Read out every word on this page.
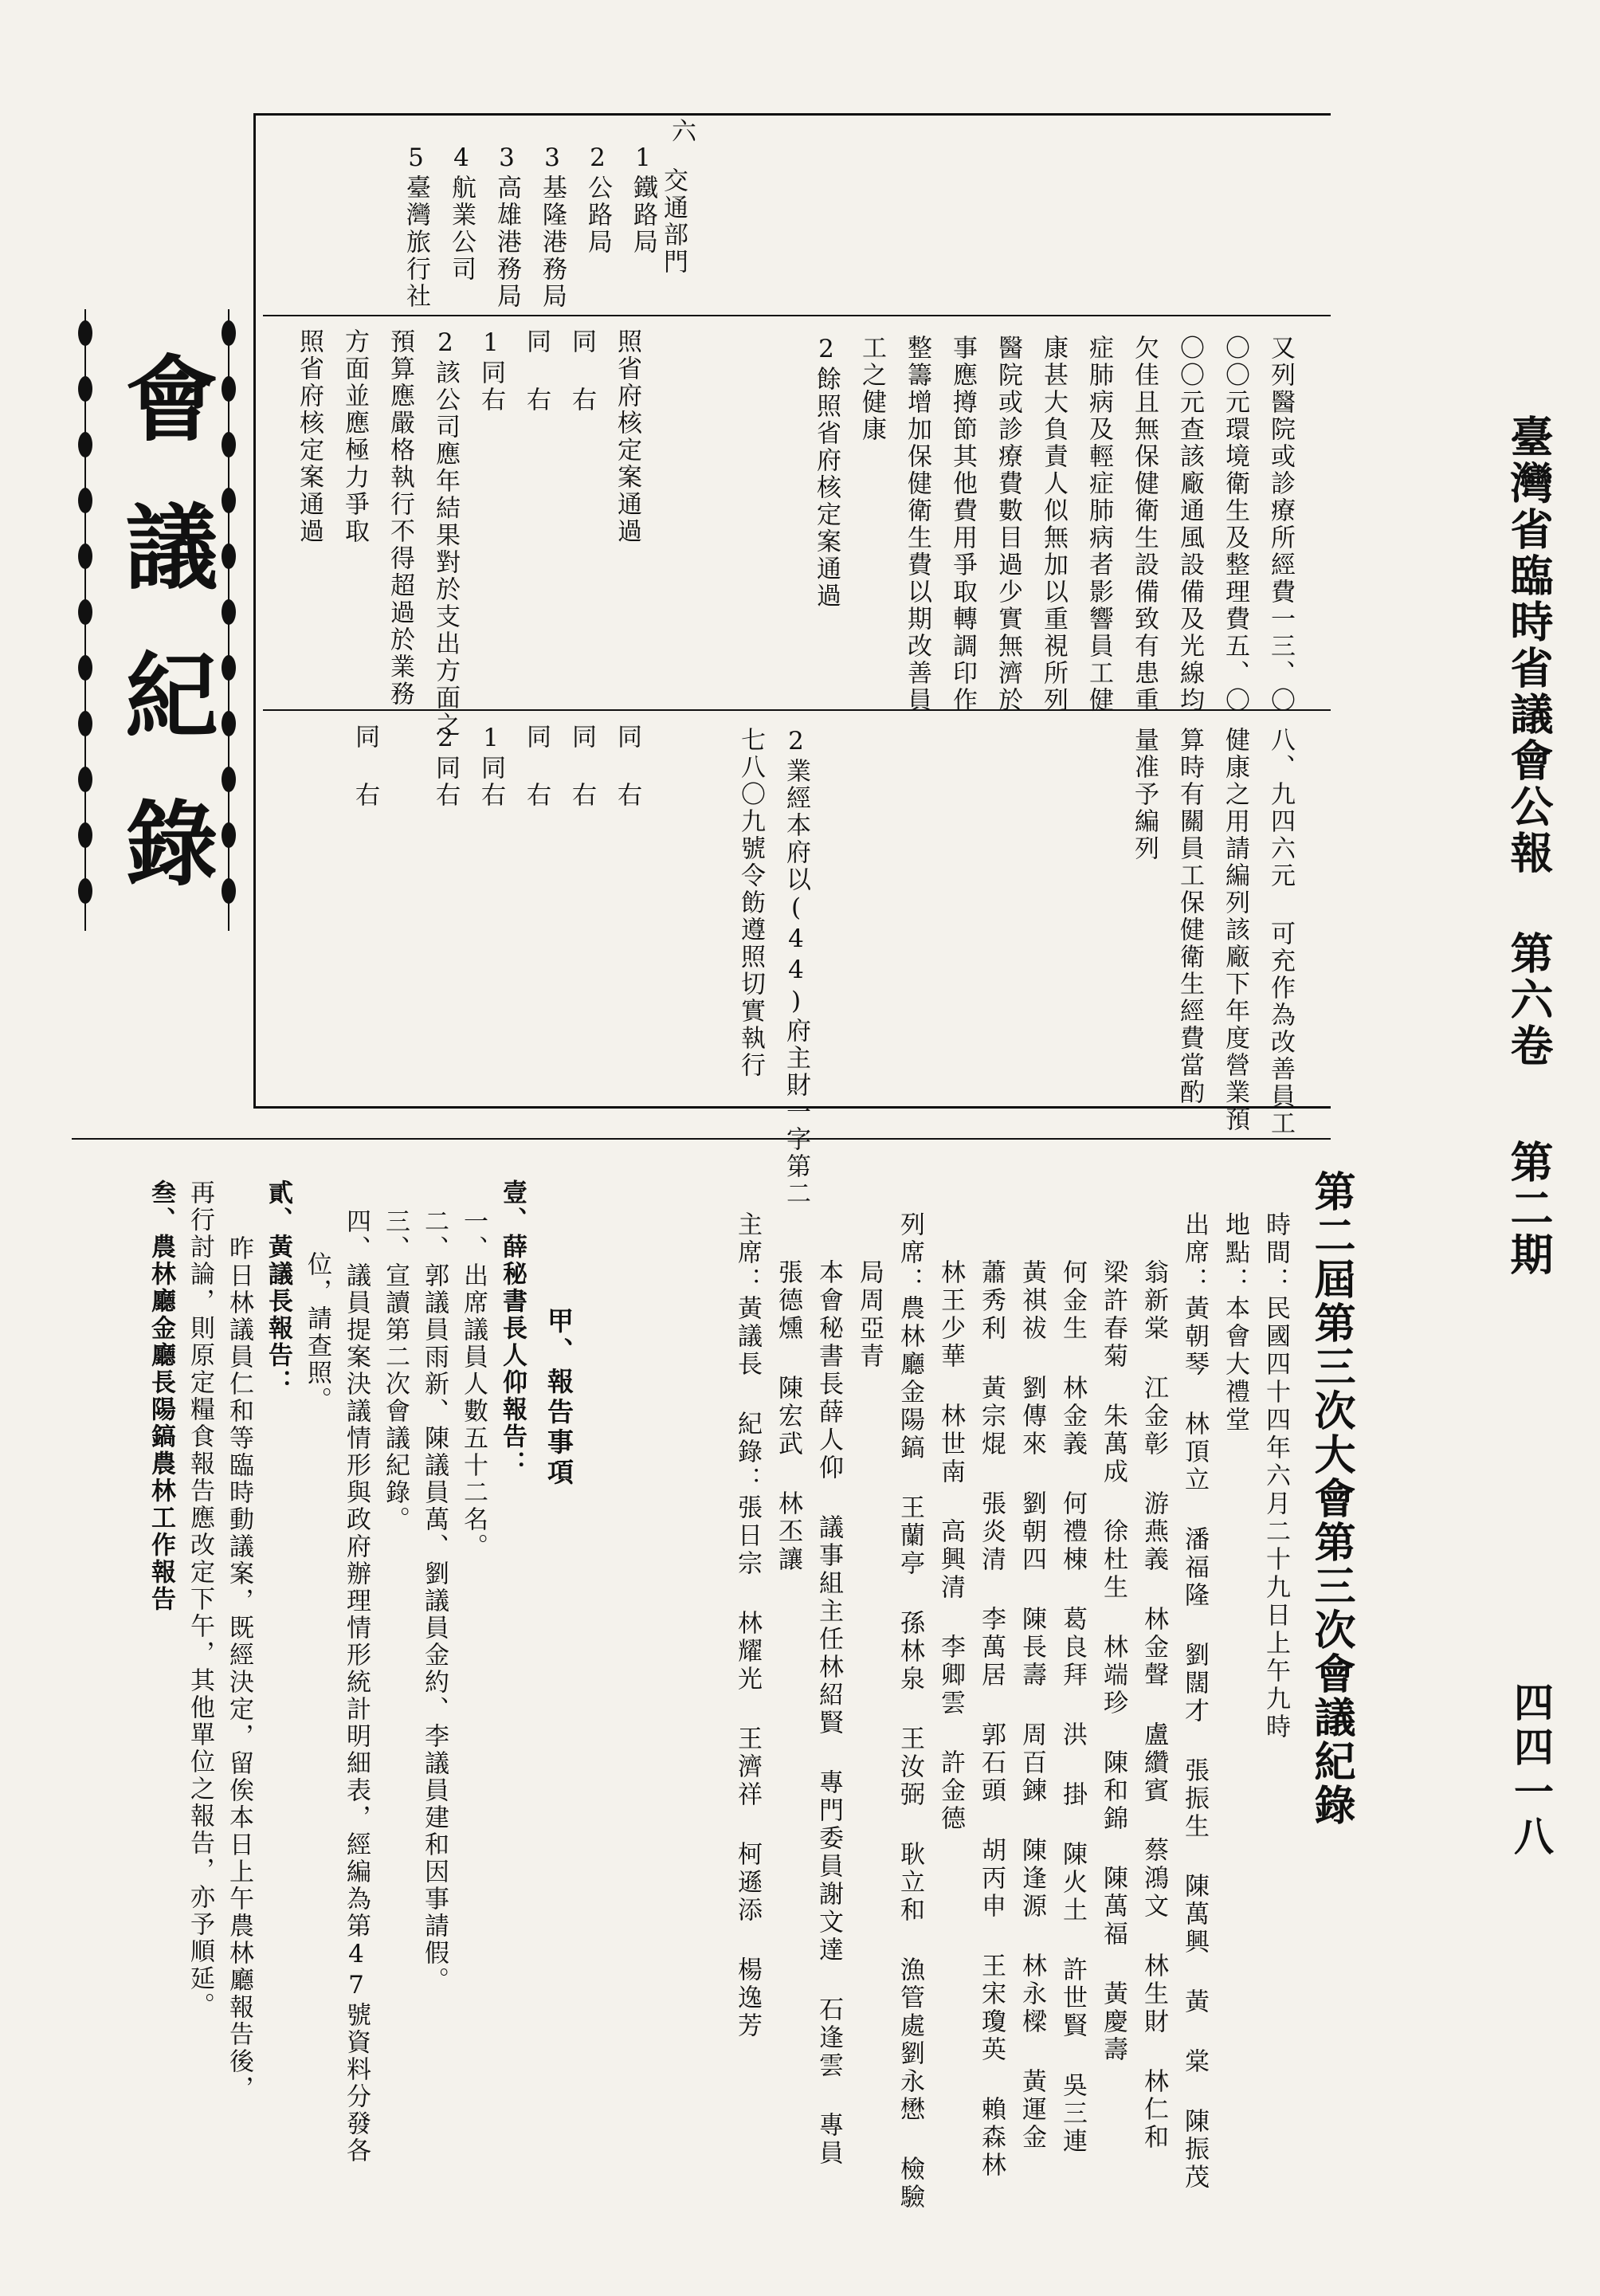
臺灣省臨時省議會公報
第六卷
第二期
四四一八
會議紀錄	又列醫院或診療所經費一三、〇
〇〇元環境衛生及整理費五、〇
〇〇元查該廠通風設備及光線均
欠佳且無保健衛生設備致有患重
症肺病及輕症肺病者影響員工健
康甚大負責人似無加以重視所列
醫院或診療費數目過少實無濟於
事應撙節其他費用爭取轉調印作
整籌增加保健衛生費以期改善員
工之健康
2餘照省府核定案通過
八、九四六元 可充作為改善員工
健康之用請編列該廠下年度營業預
算時有關員工保健衛生經費當酌
量准予編列
2業經本府以(44)府主財一字第二
七八〇九號令飭遵照切實執行
六
交通部門
1鐵路局
2公路局
3基隆港務局
3高雄港務局
4航業公司
5臺灣旅行社
照省府核定案通過
同 右
同 右
1同右
2該公司應年結果對於支出方面之
預算應嚴格執行不得超過於業務
方面並應極力爭取
照省府核定案通過
同 右
同 右
同 右
1同右
2同右
同 右
第二屆第三次大會第三次會議紀錄
時間：民國四十四年六月二十九日上午九時
地點：本會大禮堂
出席：黃朝琴 林頂立 潘福隆 劉闊才 張振生 陳萬興 黃 棠 陳振茂
翁新棠 江金彰 游燕義 林金聲 盧纘賓 蔡鴻文 林生財 林仁和
梁許春菊 朱萬成 徐杜生 林端珍 陳和錦 陳萬福 黃慶壽
何金生 林金義 何禮棟 葛良拜 洪 掛 陳火土 許世賢 吳三連
黃祺祓 劉傳來 劉朝四 陳長壽 周百鍊 陳逢源 林永樑 黃運金
蕭秀利 黃宗焜 張炎清 李萬居 郭石頭 胡丙申 王宋瓊英 賴森林
林王少華 林世南 高興清 李卿雲 許金德
列席：農林廳金陽鎬 王蘭亭 孫林泉 王汝弼 耿立和 漁管處劉永懋 檢驗
局周亞青
本會秘書長薛人仰 議事組主任林紹賢 專門委員謝文達 石逢雲 專員
張德燻 陳宏武 林丕讓
主席：黃議長 紀錄：張日宗 林耀光 王濟祥 柯遜添 楊逸芳
甲、報告事項
壹、薛秘書長人仰報告：
一、出席議員人數五十二名。
二、郭議員雨新、陳議員萬、劉議員金約、李議員建和因事請假。
三、宣讀第二次會議紀錄。
四、議員提案決議情形與政府辦理情形統計明細表，經編為第47號資料分發各
位，請查照。
貳、黃議長報告：
昨日林議員仁和等臨時動議案，既經決定，留俟本日上午農林廳報告後，
再行討論，則原定糧食報告應改定下午，其他單位之報告，亦予順延。
叁、農林廳金廳長陽鎬農林工作報告
